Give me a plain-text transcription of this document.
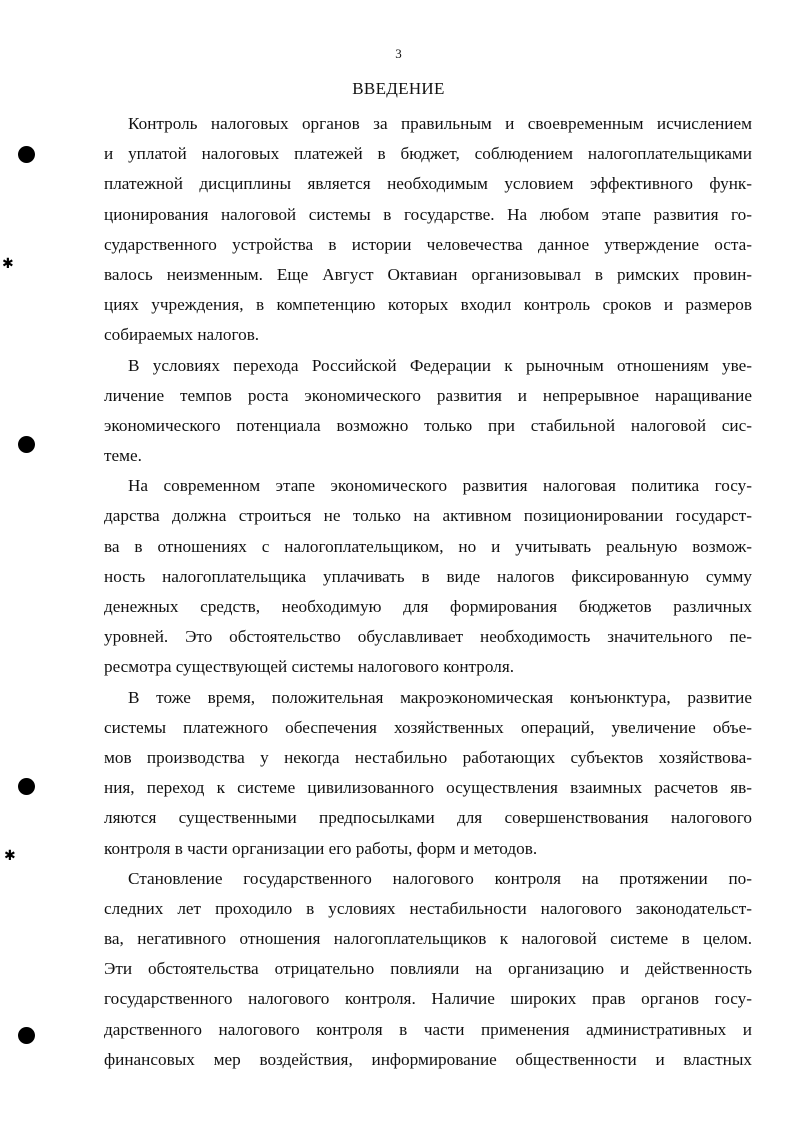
3
ВВЕДЕНИЕ
Контроль налоговых органов за правильным и своевременным исчислением
и уплатой налоговых платежей в бюджет, соблюдением налогоплательщиками
платежной дисциплины является необходимым условием эффективного функ-
ционирования налоговой системы в государстве. На любом этапе развития го-
сударственного устройства в истории человечества данное утверждение оста-
валось неизменным. Еще Август Октавиан организовывал в римских провин-
циях учреждения, в компетенцию которых входил контроль сроков и размеров
собираемых налогов.
В условиях перехода Российской Федерации к рыночным отношениям уве-
личение темпов роста экономического развития и непрерывное наращивание
экономического потенциала возможно только при стабильной налоговой сис-
теме.
На современном этапе экономического развития налоговая политика госу-
дарства должна строиться не только на активном позиционировании государст-
ва в отношениях с налогоплательщиком, но и учитывать реальную возмож-
ность налогоплательщика уплачивать в виде налогов фиксированную сумму
денежных средств, необходимую для формирования бюджетов различных
уровней. Это обстоятельство обуславливает необходимость значительного пе-
ресмотра существующей системы налогового контроля.
В тоже время, положительная макроэкономическая конъюнктура, развитие
системы платежного обеспечения хозяйственных операций, увеличение объе-
мов производства у некогда нестабильно работающих субъектов хозяйствова-
ния, переход к системе цивилизованного осуществления взаимных расчетов яв-
ляются существенными предпосылками для совершенствования налогового
контроля в части организации его работы, форм и методов.
Становление государственного налогового контроля на протяжении по-
следних лет проходило в условиях нестабильности налогового законодательст-
ва, негативного отношения налогоплательщиков к налоговой системе в целом.
Эти обстоятельства отрицательно повлияли на организацию и действенность
государственного налогового контроля. Наличие широких прав органов госу-
дарственного налогового контроля в части применения административных и
финансовых мер воздействия, информирование общественности и властных
✱
✱
